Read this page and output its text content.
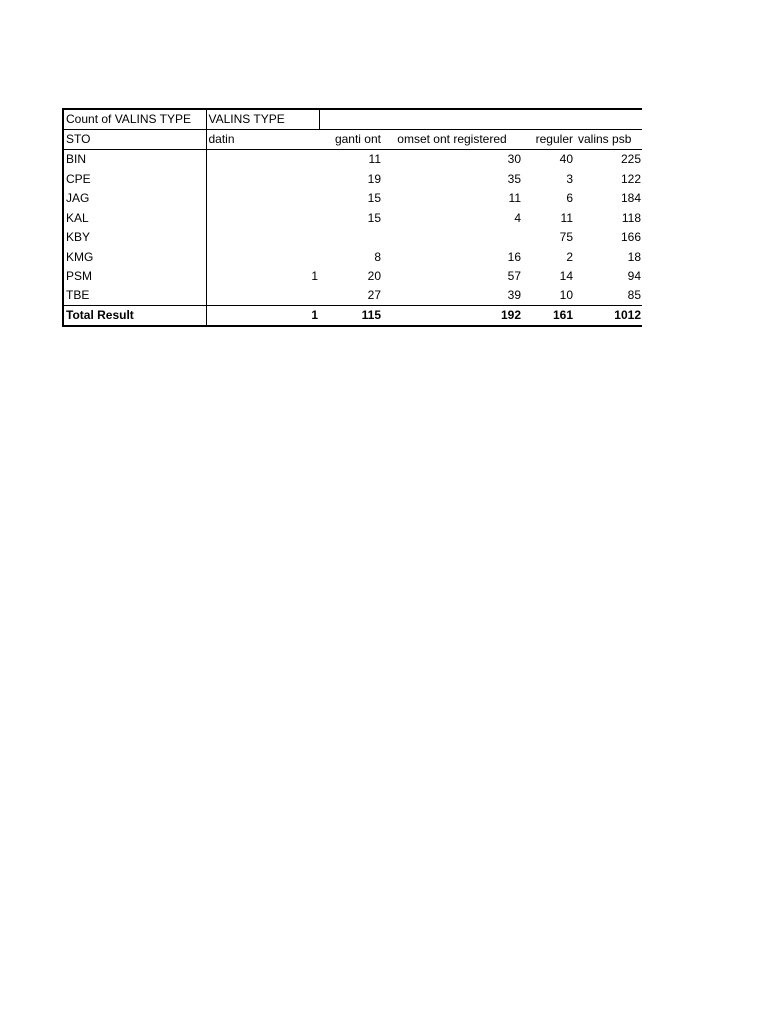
Count of VALINS TYPE	VALINS TYPE				
STO	datin	ganti ont	omset ont registered	reguler	valins psb
BIN		11	30	40	225
CPE		19	35	3	122
JAG		15	11	6	184
KAL		15	4	11	118
KBY				75	166
KMG		8	16	2	18
PSM	1	20	57	14	94
TBE		27	39	10	85
Total Result	1	115	192	161	1012
